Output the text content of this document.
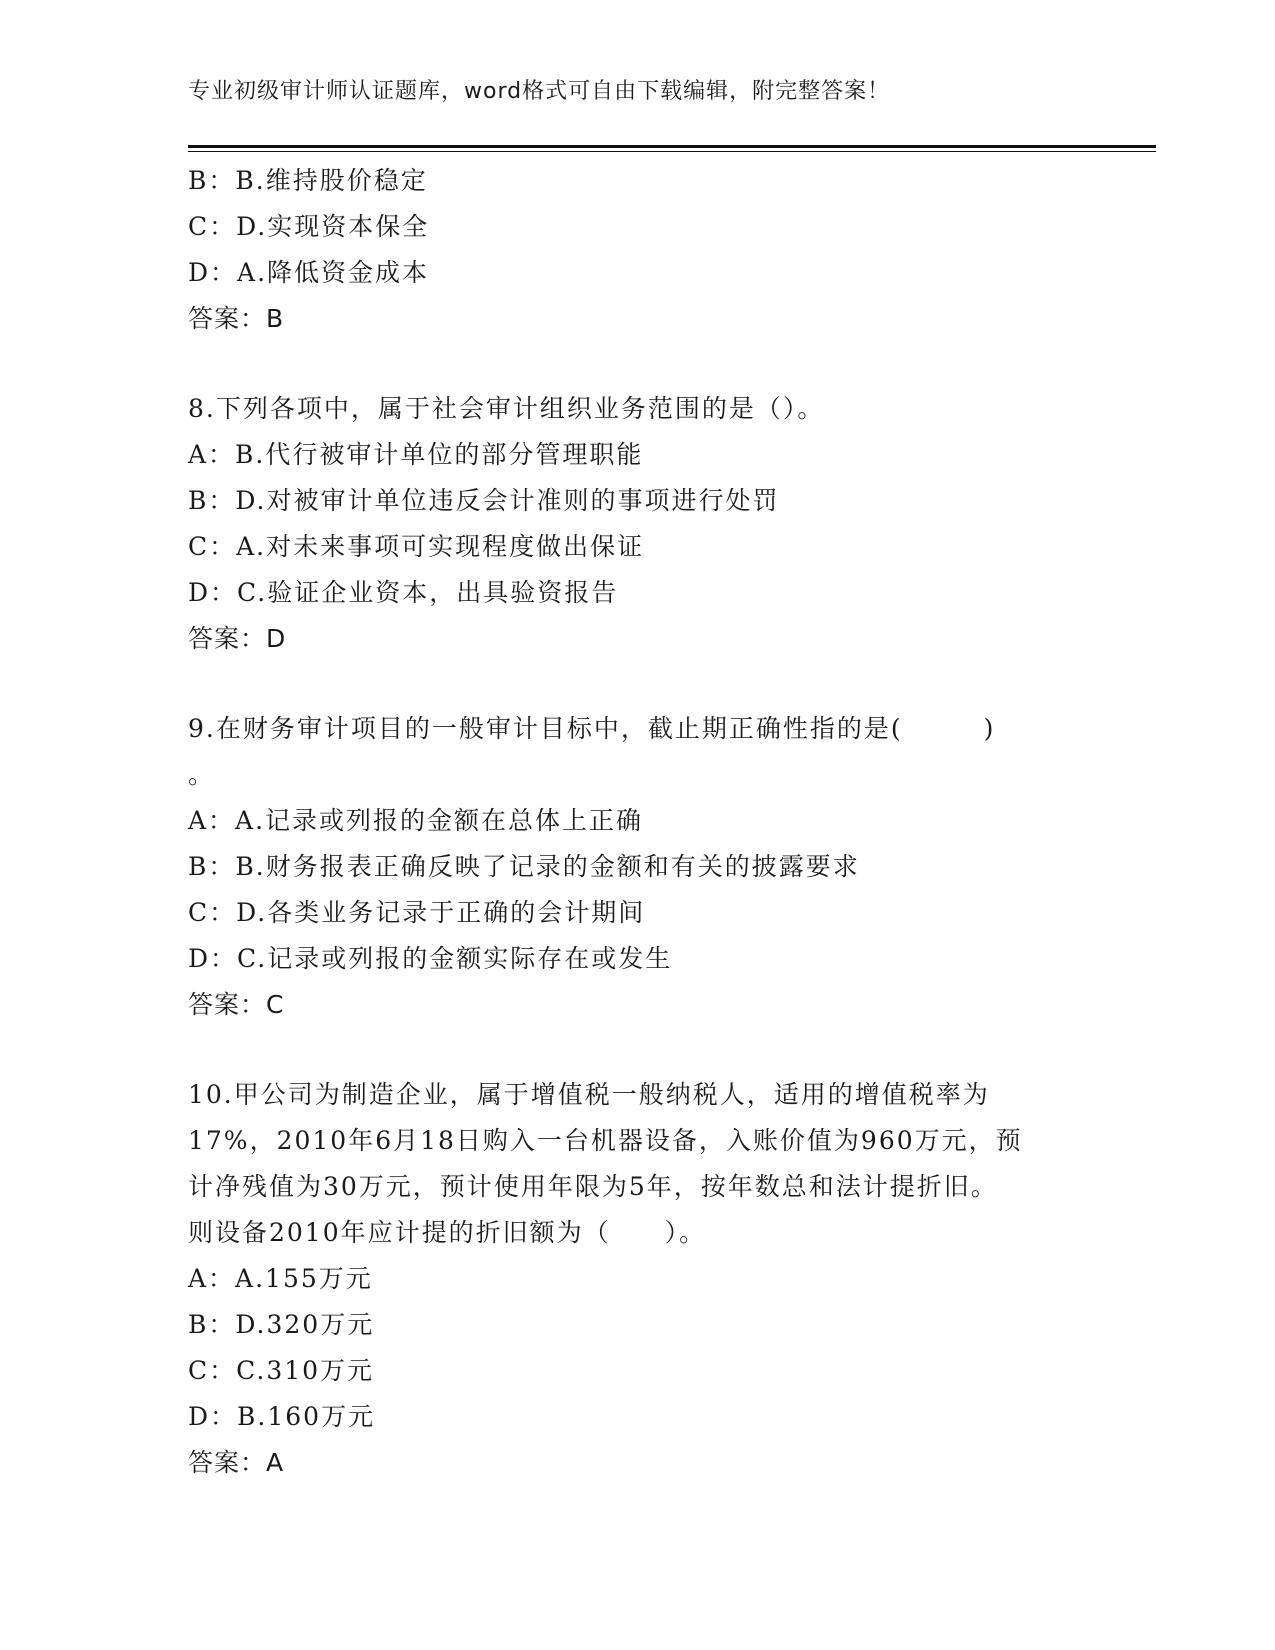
专业初级审计师认证题库，word格式可自由下载编辑，附完整答案！
B：B.维持股价稳定
C：D.实现资本保全
D：A.降低资金成本
答案：B
8.下列各项中，属于社会审计组织业务范围的是（）。
A：B.代行被审计单位的部分管理职能
B：D.对被审计单位违反会计准则的事项进行处罚
C：A.对未来事项可实现程度做出保证
D：C.验证企业资本，出具验资报告
答案：D
9.在财务审计项目的一般审计目标中，截止期正确性指的是(　　　)
。
A：A.记录或列报的金额在总体上正确
B：B.财务报表正确反映了记录的金额和有关的披露要求
C：D.各类业务记录于正确的会计期间
D：C.记录或列报的金额实际存在或发生
答案：C
10.甲公司为制造企业，属于增值税一般纳税人，适用的增值税率为
17%，2010年6月18日购入一台机器设备，入账价值为960万元，预
计净残值为30万元，预计使用年限为5年，按年数总和法计提折旧。
则设备2010年应计提的折旧额为（　　）。
A：A.155万元
B：D.320万元
C：C.310万元
D：B.160万元
答案：A
